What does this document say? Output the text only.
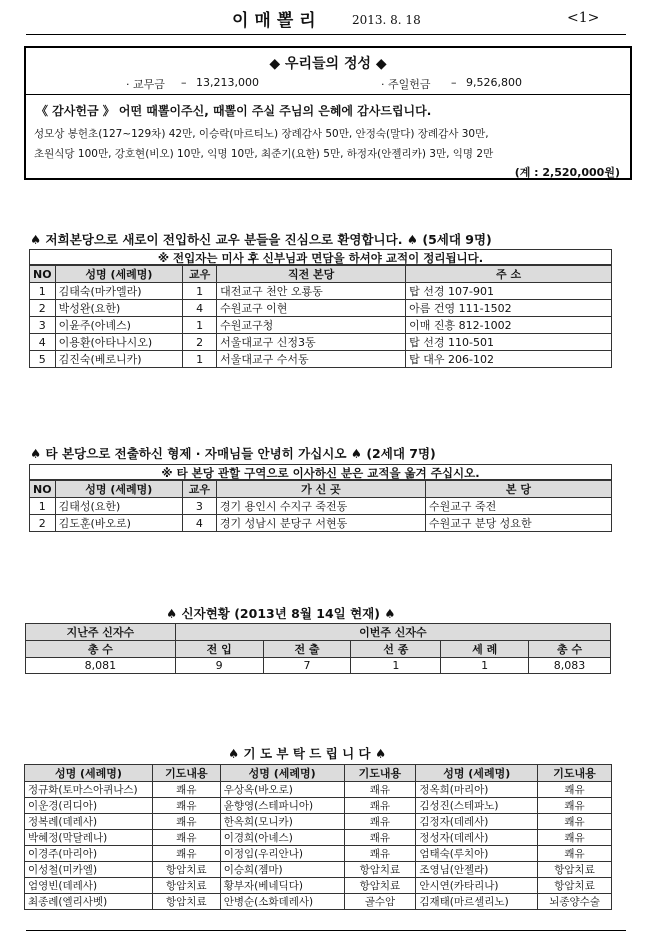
이매뽈리	2013. 8. 18	<1>
◆ 우리들의 정성 ◆
· 교무금 – 13,213,000	· 주일헌금 – 9,526,800
《 감사헌금 》 어떤 때뽈이주신, 때뽈이 주실 주님의 은혜에 감사드립니다.
성모상 봉헌초(127~129차) 42만, 이승락(마르티노) 장례감사 50만, 안정숙(말다) 장례감사 30만,
초원식당 100만, 강호현(비오) 10만, 익명 10만, 최준기(요한) 5만, 하정자(안젤리카) 3만, 익명 2만
(계 : 2,520,000원)
♠ 저희본당으로 새로이 전입하신 교우 분들을 진심으로 환영합니다. ♠ (5세대 9명)
※ 전입자는 미사 후 신부님과 면담을 하셔야 교적이 정리됩니다.
NO	성명 (세례명)	교우	직전 본당	주 소
1	김태숙(마카엘라)	1	대전교구 천안 오룡동	탑 선경 107-901
2	박성완(요한)	4	수원교구 이현	아름 건영 111-1502
3	이윤주(아녜스)	1	수원교구청	이매 진흥 812-1002
4	이용환(아타나시오)	2	서울대교구 신정3동	탑 선경 110-501
5	김진숙(베로니카)	1	서울대교구 수서동	탑 대우 206-102
♠ 타 본당으로 전출하신 형제 · 자매님들 안녕히 가십시오 ♠ (2세대 7명)
※ 타 본당 관할 구역으로 이사하신 분은 교적을 옮겨 주십시오.
NO	성명 (세례명)	교우	가 신 곳	본 당
1	김태성(요한)	3	경기 용인시 수지구 죽전동	수원교구 죽전
2	김도훈(바오로)	4	경기 성남시 분당구 서현동	수원교구 분당 성요한
♠ 신자현황 (2013년 8월 14일 현재) ♠
지난주 신자수	이번주 신자수				
총 수	전 입	전 출	선 종	세 례	총 수
8,081	9	7	1	1	8,083
♠ 기 도 부 탁 드 립 니 다 ♠
성명 (세례명)	기도내용	성명 (세례명)	기도내용	성명 (세례명)	기도내용
정규화(토마스아퀴나스)	쾌유	우상옥(바오로)	쾌유	정옥희(마리아)	쾌유
이운경(리디아)	쾌유	윤향영(스테파니아)	쾌유	김성진(스테파노)	쾌유
정복례(데레사)	쾌유	한옥희(모니카)	쾌유	김정자(데레사)	쾌유
박혜정(막달레나)	쾌유	이경희(아녜스)	쾌유	정성자(데레사)	쾌유
이경주(마리아)	쾌유	이정임(우리안나)	쾌유	엄태숙(루치아)	쾌유
이성철(미카엘)	항암치료	이승희(젬마)	항암치료	조영님(안젤라)	항암치료
엄영빈(데레사)	항암치료	황부자(베네딕다)	항암치료	안시연(카타리나)	항암치료
최종례(엘리사벳)	항암치료	안병순(소화데레사)	골수암	김재태(마르셀리노)	뇌종양수술
